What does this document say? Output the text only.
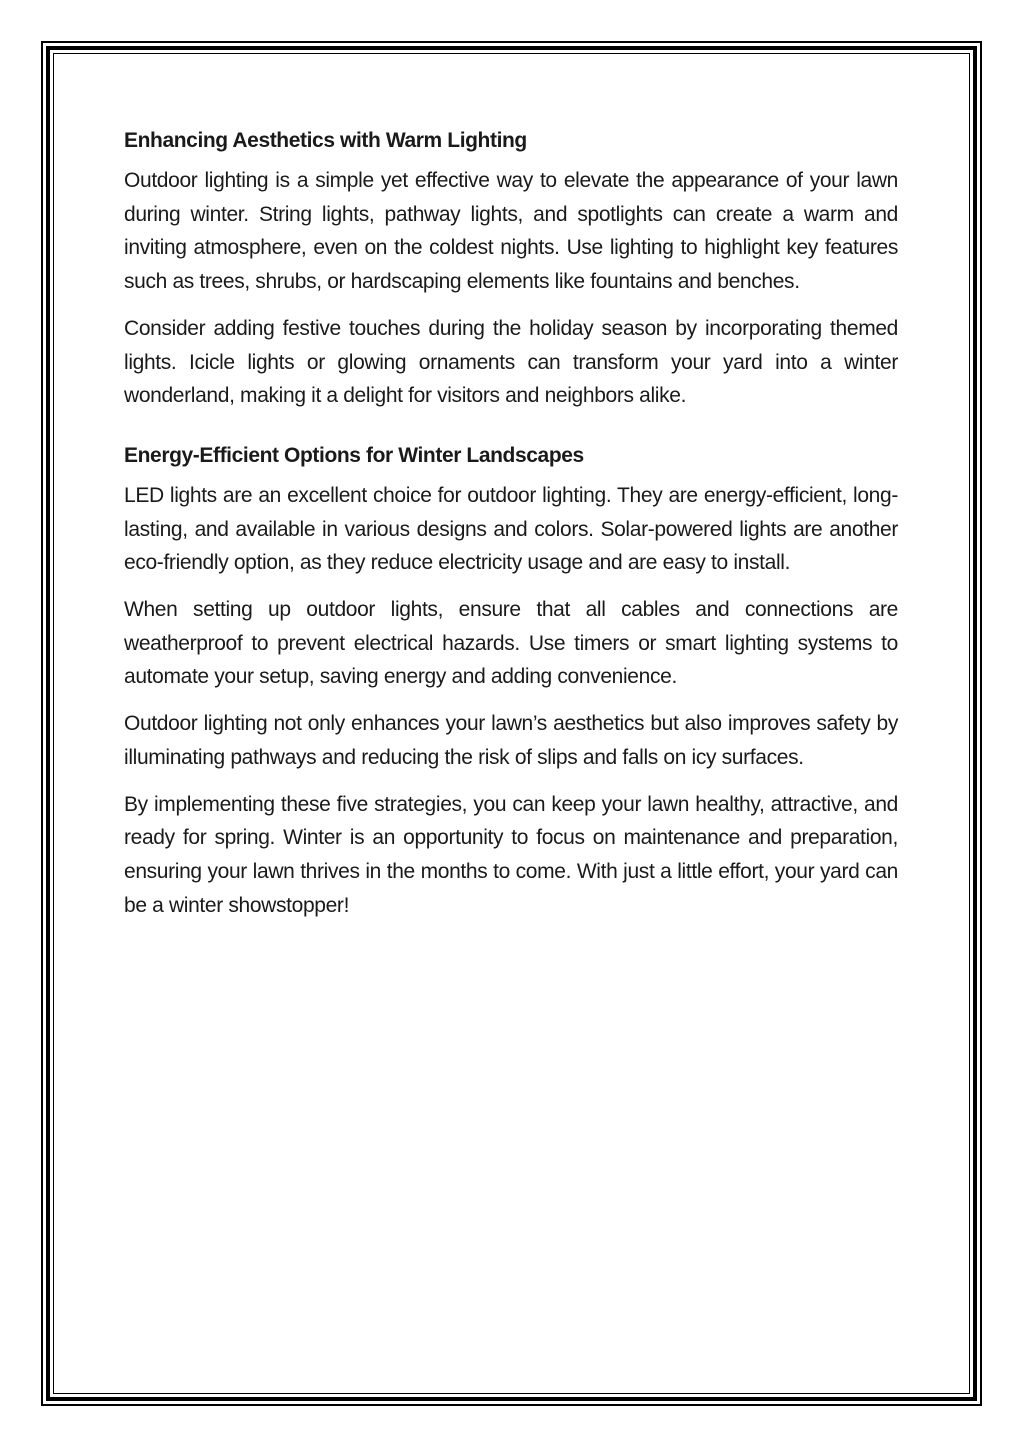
Enhancing Aesthetics with Warm Lighting

Outdoor lighting is a simple yet effective way to elevate the appearance of your lawn during winter. String lights, pathway lights, and spotlights can create a warm and inviting atmosphere, even on the coldest nights. Use lighting to highlight key features such as trees, shrubs, or hardscaping elements like fountains and benches.

Consider adding festive touches during the holiday season by incorporating themed lights. Icicle lights or glowing ornaments can transform your yard into a winter wonderland, making it a delight for visitors and neighbors alike.

Energy-Efficient Options for Winter Landscapes

LED lights are an excellent choice for outdoor lighting. They are energy-efficient, long-lasting, and available in various designs and colors. Solar-powered lights are another eco-friendly option, as they reduce electricity usage and are easy to install.

When setting up outdoor lights, ensure that all cables and connections are weatherproof to prevent electrical hazards. Use timers or smart lighting systems to automate your setup, saving energy and adding convenience.

Outdoor lighting not only enhances your lawn’s aesthetics but also improves safety by illuminating pathways and reducing the risk of slips and falls on icy surfaces.

By implementing these five strategies, you can keep your lawn healthy, attractive, and ready for spring. Winter is an opportunity to focus on maintenance and preparation, ensuring your lawn thrives in the months to come. With just a little effort, your yard can be a winter showstopper!
